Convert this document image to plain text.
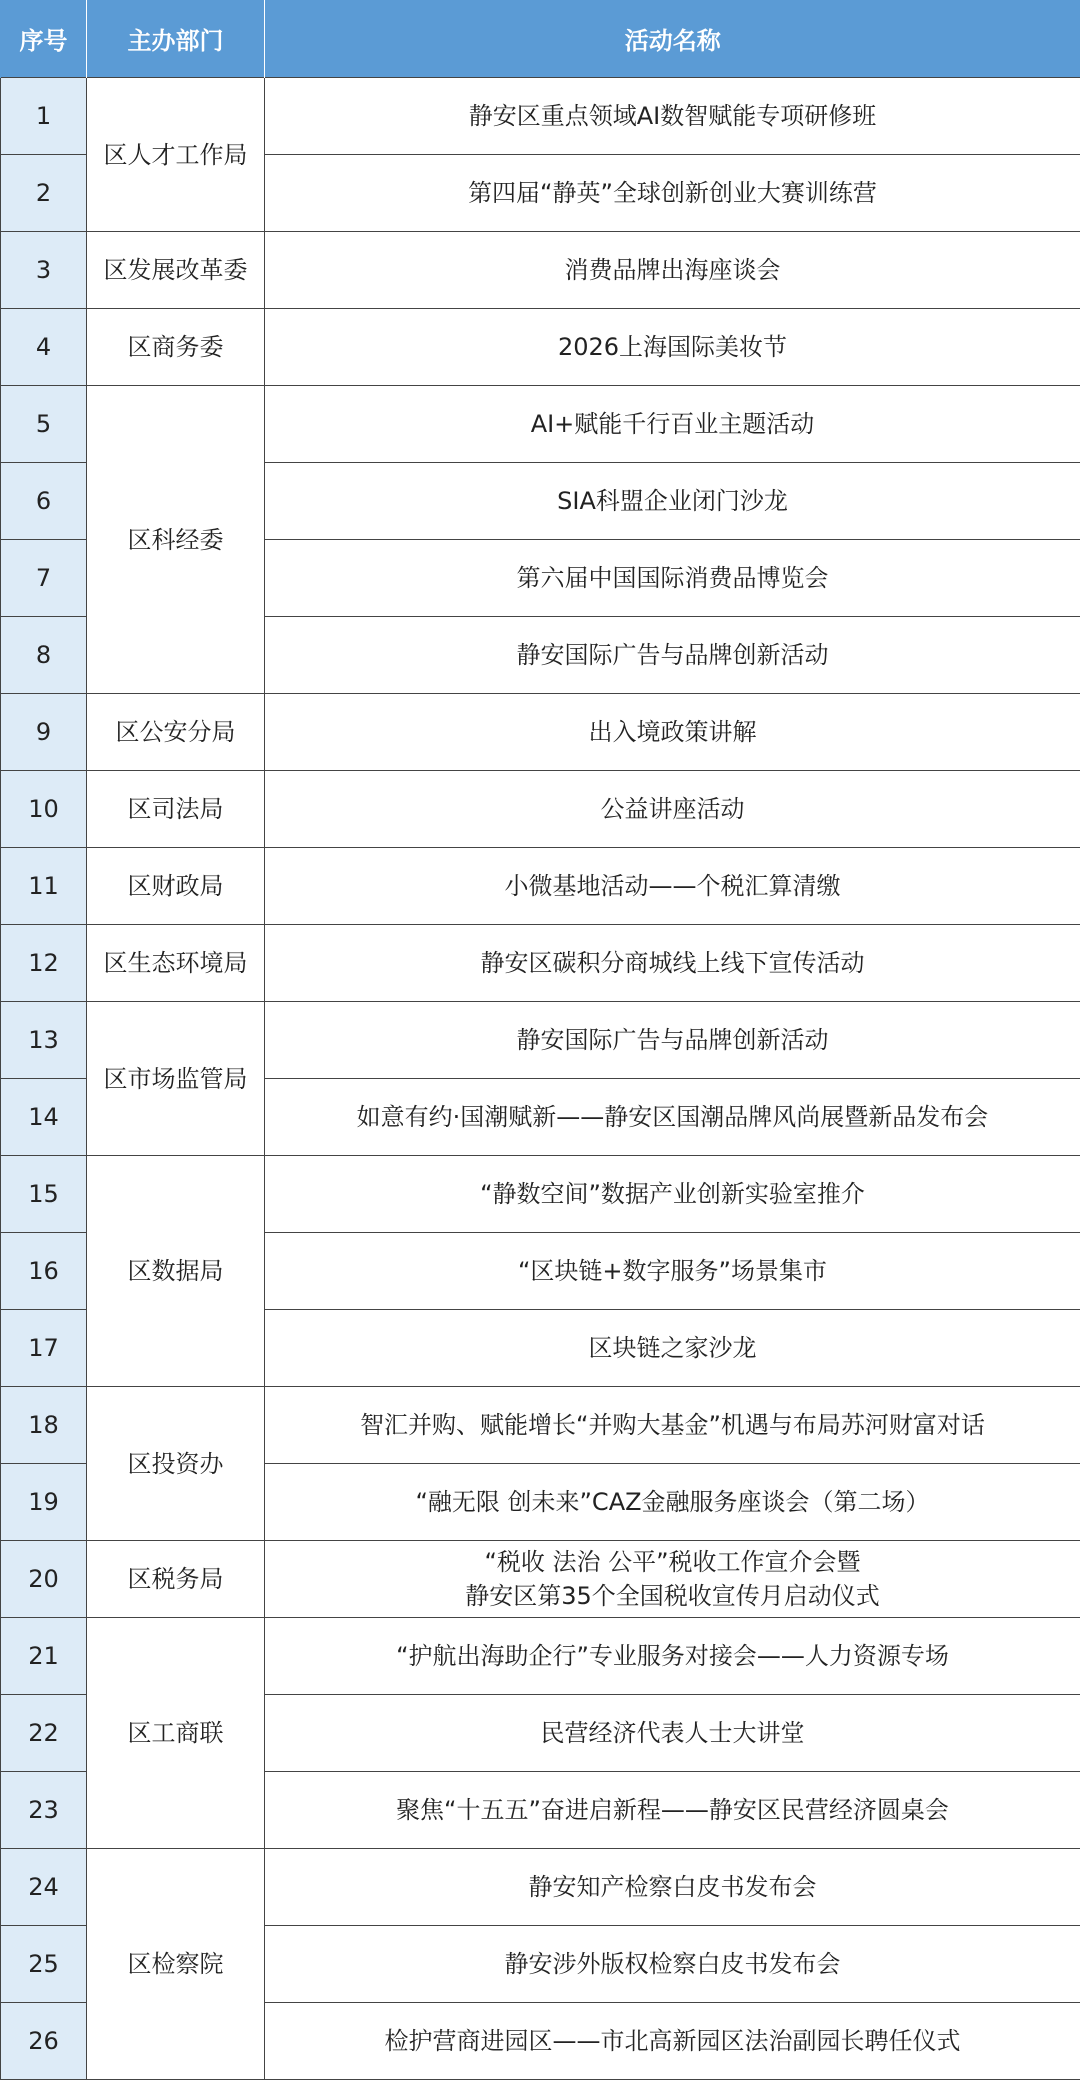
序号	主办部门	活动名称
1	区人才工作局	静安区重点领域AI数智赋能专项研修班
2		第四届“静英”全球创新创业大赛训练营
3	区发展改革委	消费品牌出海座谈会
4	区商务委	2026上海国际美妆节
5	区科经委	AI+赋能千行百业主题活动
6		SIA科盟企业闭门沙龙
7		第六届中国国际消费品博览会
8		静安国际广告与品牌创新活动
9	区公安分局	出入境政策讲解
10	区司法局	公益讲座活动
11	区财政局	小微基地活动——个税汇算清缴
12	区生态环境局	静安区碳积分商城线上线下宣传活动
13	区市场监管局	静安国际广告与品牌创新活动
14		如意有约·国潮赋新——静安区国潮品牌风尚展暨新品发布会
15	区数据局	“静数空间”数据产业创新实验室推介
16		“区块链+数字服务”场景集市
17		区块链之家沙龙
18	区投资办	智汇并购、赋能增长“并购大基金”机遇与布局苏河财富对话
19		“融无限 创未来”CAZ金融服务座谈会（第二场）
20	区税务局	“税收 法治 公平”税收工作宣介会暨
静安区第35个全国税收宣传月启动仪式

21	区工商联	“护航出海助企行”专业服务对接会——人力资源专场
22		民营经济代表人士大讲堂
23		聚焦“十五五”奋进启新程——静安区民营经济圆桌会
24	区检察院	静安知产检察白皮书发布会
25		静安涉外版权检察白皮书发布会
26		检护营商进园区——市北高新园区法治副园长聘任仪式
